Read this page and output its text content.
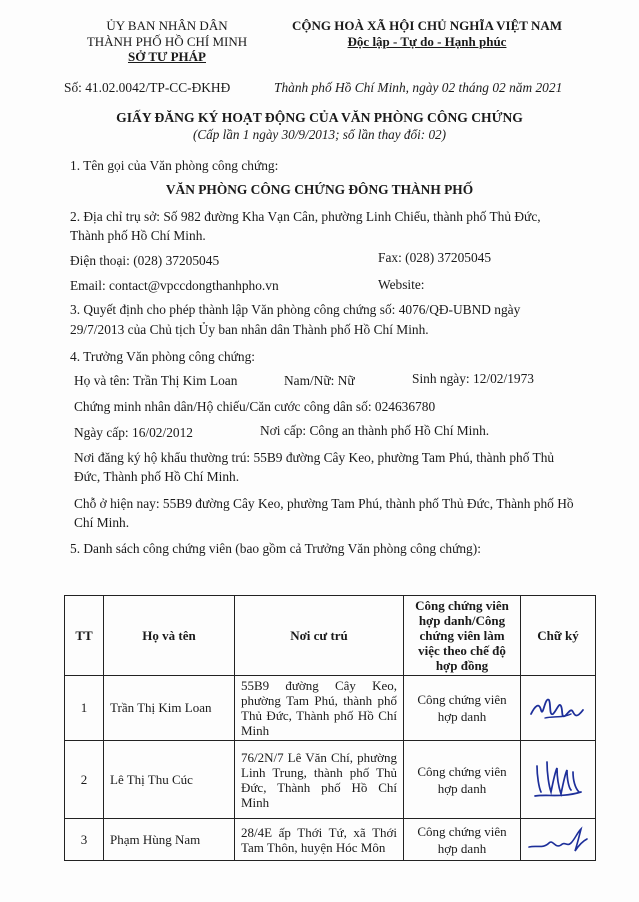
ỦY BAN NHÂN DÂN
THÀNH PHỐ HỒ CHÍ MINH
SỞ TƯ PHÁP
CỘNG HOÀ XÃ HỘI CHỦ NGHĨA VIỆT NAM
Độc lập - Tự do - Hạnh phúc
Số: 41.02.0042/TP-CC-ĐKHĐ	Thành phố Hồ Chí Minh, ngày 02 tháng 02 năm 2021
GIẤY ĐĂNG KÝ HOẠT ĐỘNG CỦA VĂN PHÒNG CÔNG CHỨNG
(Cấp lần 1 ngày 30/9/2013; số lần thay đổi: 02)
1. Tên gọi của Văn phòng công chứng:
VĂN PHÒNG CÔNG CHỨNG ĐÔNG THÀNH PHỐ
2. Địa chỉ trụ sở: Số 982 đường Kha Vạn Cân, phường Linh Chiểu, thành phố Thủ Đức,
Thành phố Hồ Chí Minh.
Điện thoại: (028) 37205045	Fax: (028) 37205045
Email: contact@vpccdongthanhpho.vn	Website:
3. Quyết định cho phép thành lập Văn phòng công chứng số: 4076/QĐ-UBND ngày
29/7/2013 của Chủ tịch Ủy ban nhân dân Thành phố Hồ Chí Minh.
4. Trưởng Văn phòng công chứng:
Họ và tên: Trần Thị Kim Loan	Nam/Nữ: Nữ	Sinh ngày: 12/02/1973
Chứng minh nhân dân/Hộ chiếu/Căn cước công dân số: 024636780
Ngày cấp: 16/02/2012	Nơi cấp: Công an thành phố Hồ Chí Minh.
Nơi đăng ký hộ khẩu thường trú: 55B9 đường Cây Keo, phường Tam Phú, thành phố Thủ
Đức, Thành phố Hồ Chí Minh.
Chỗ ở hiện nay: 55B9 đường Cây Keo, phường Tam Phú, thành phố Thủ Đức, Thành phố Hồ
Chí Minh.
5. Danh sách công chứng viên (bao gồm cả Trưởng Văn phòng công chứng):
TT	Họ và tên	Nơi cư trú	Công chứng viên hợp danh/Công chứng viên làm việc theo chế độ hợp đồng	Chữ ký
1	Trần Thị Kim Loan	55B9 đường Cây Keo, phường Tam Phú, thành phố Thủ Đức, Thành phố Hồ Chí Minh	Công chứng viên hợp danh	

2	Lê Thị Thu Cúc	76/2N/7 Lê Văn Chí, phường Linh Trung, thành phố Thủ Đức, Thành phố Hồ Chí Minh	Công chứng viên hợp danh	

3	Phạm Hùng Nam	28/4E ấp Thới Tứ, xã Thới Tam Thôn, huyện Hóc Môn	Công chứng viên hợp danh	
